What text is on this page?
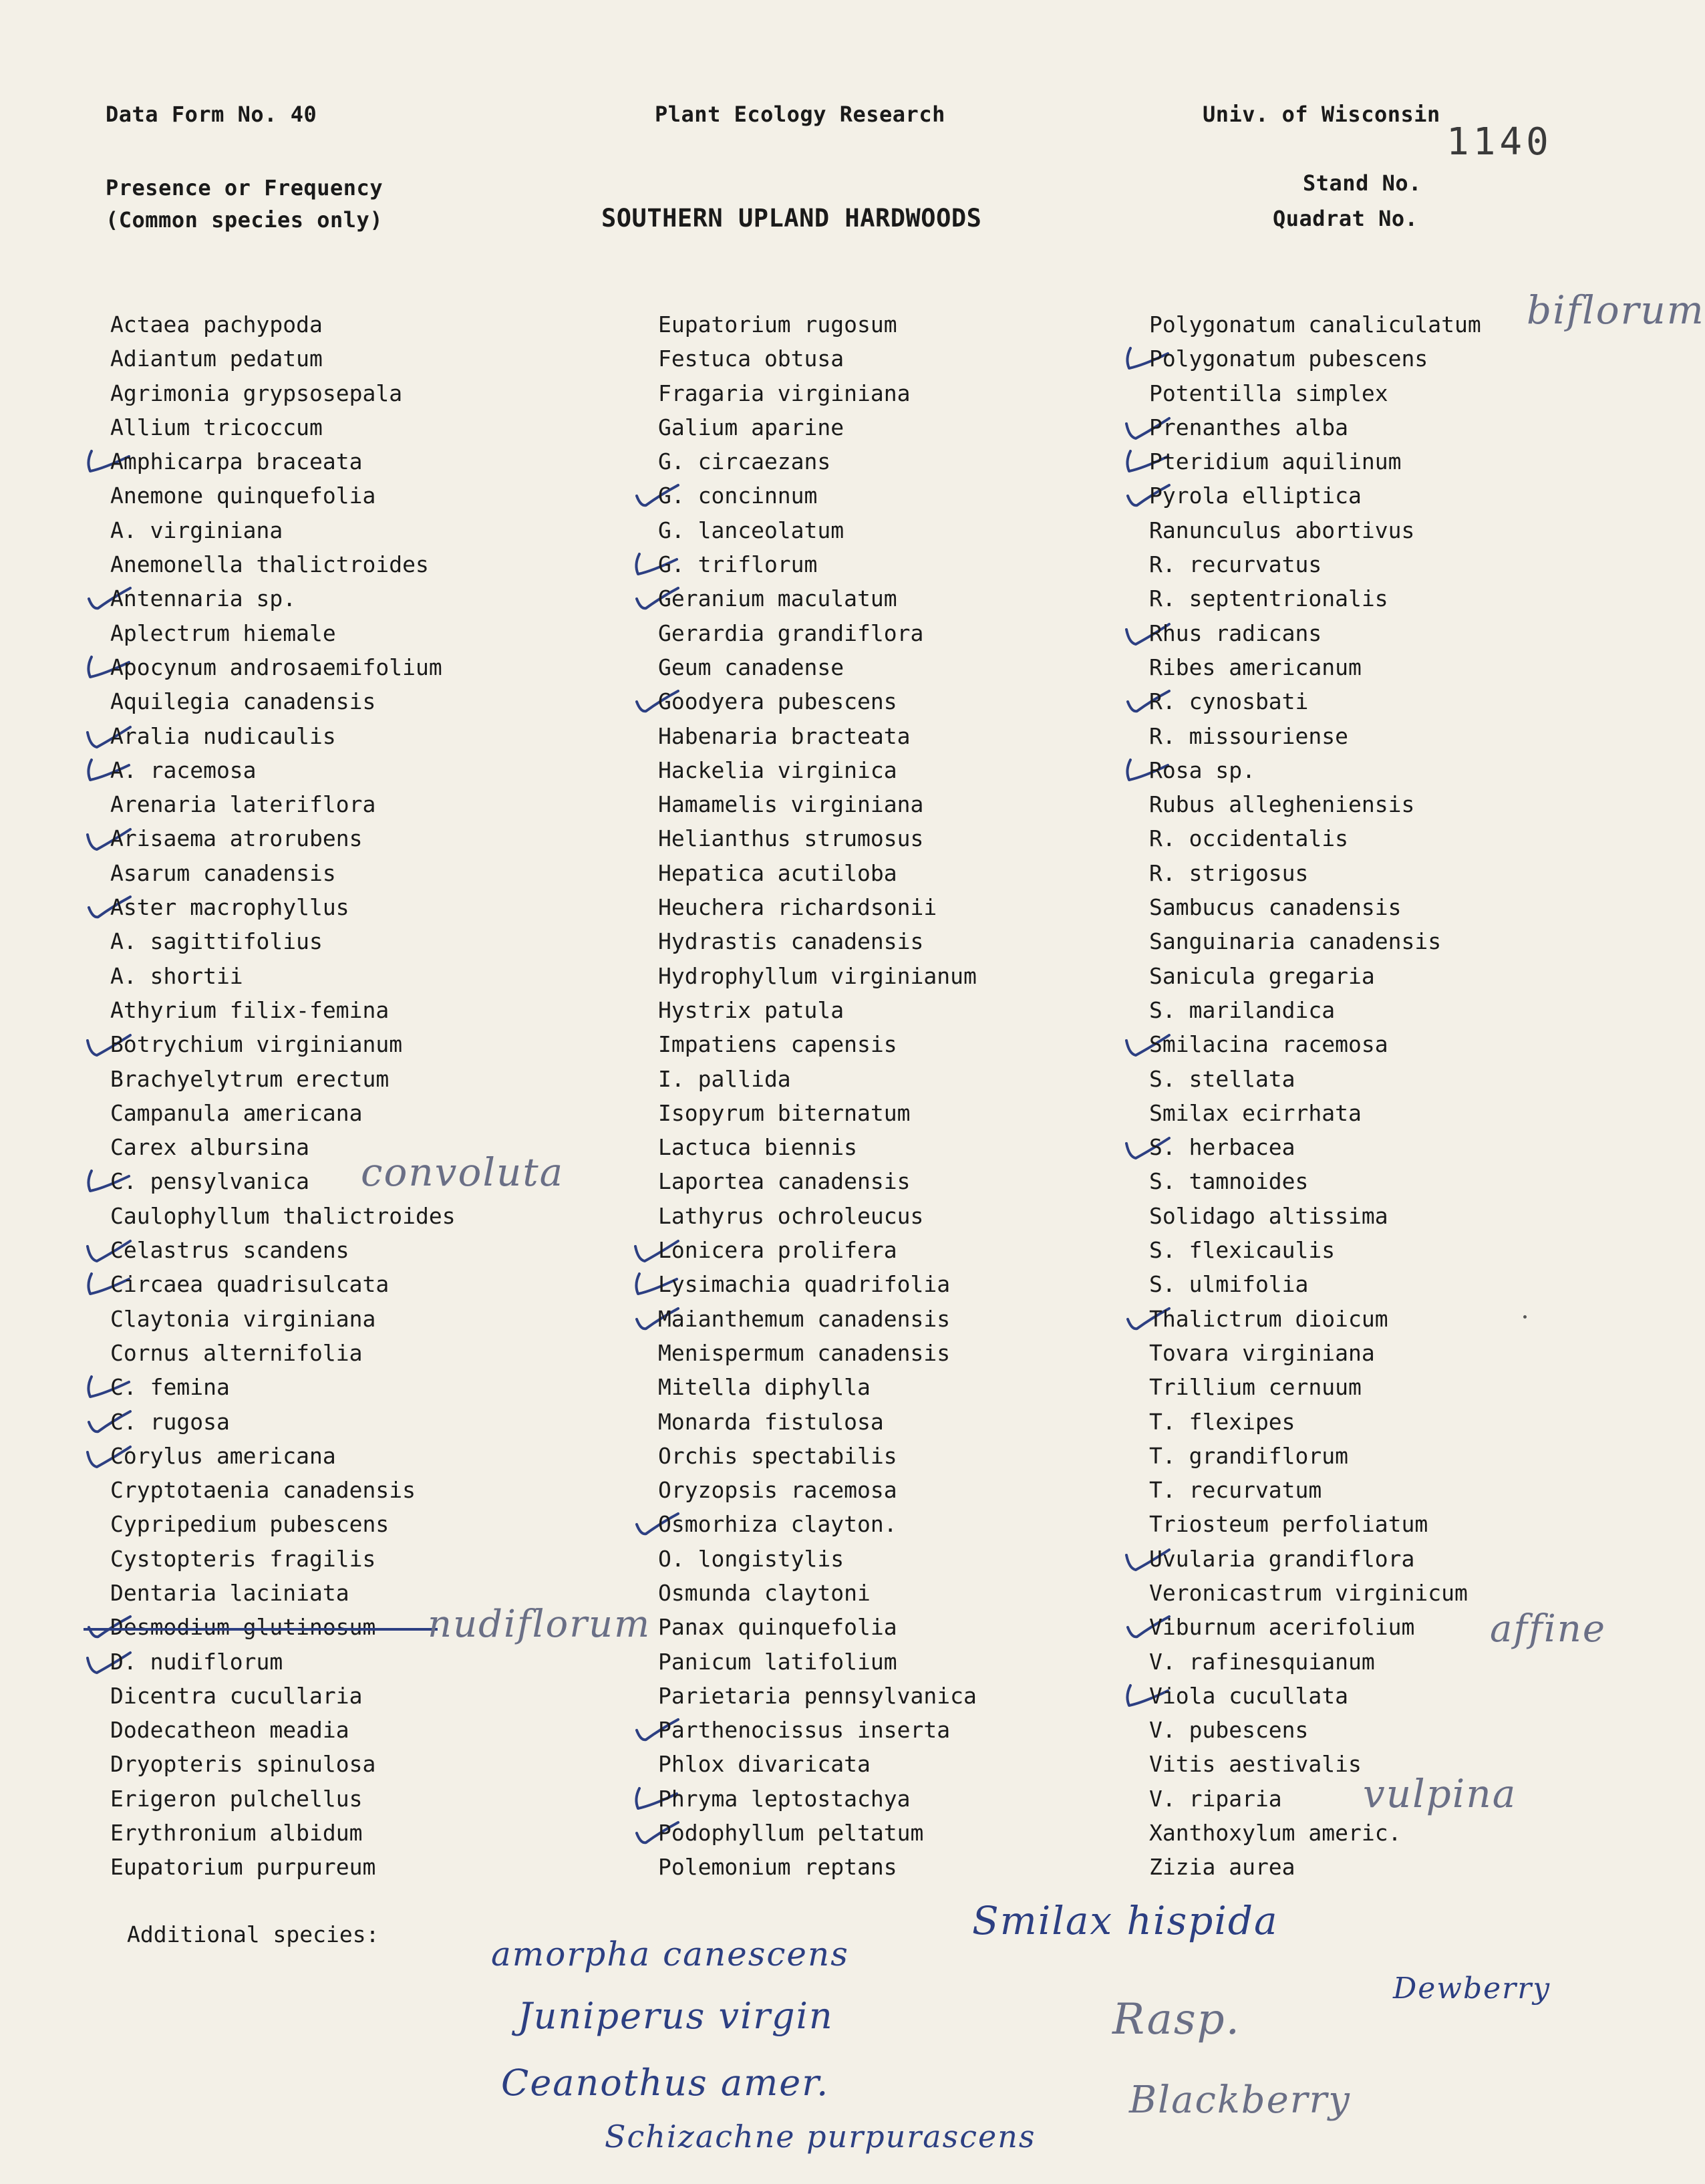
Data Form No. 40	Plant Ecology Research	Univ. of Wisconsin
1140
Presence or Frequency
(Common species only)	SOUTHERN UPLAND HARDWOODS
Stand No.
Quadrat No.
Actaea pachypoda
Adiantum pedatum
Agrimonia grypsosepala
Allium tricoccum
Amphicarpa braceata
Anemone quinquefolia
A. virginiana
Anemonella thalictroides
Antennaria sp.
Aplectrum hiemale
Apocynum androsaemifolium
Aquilegia canadensis
Aralia nudicaulis
A. racemosa
Arenaria lateriflora
Arisaema atrorubens
Asarum canadensis
Aster macrophyllus
A. sagittifolius
A. shortii
Athyrium filix-femina
Botrychium virginianum
Brachyelytrum erectum
Campanula americana
Carex albursina
C. pensylvanica
Caulophyllum thalictroides
Celastrus scandens
Circaea quadrisulcata
Claytonia virginiana
Cornus alternifolia
C. femina
C. rugosa
Corylus americana
Cryptotaenia canadensis
Cypripedium pubescens
Cystopteris fragilis
Dentaria laciniata
Desmodium glutinosum
D. nudiflorum
Dicentra cucullaria
Dodecatheon meadia
Dryopteris spinulosa
Erigeron pulchellus
Erythronium albidum
Eupatorium purpureum
Eupatorium rugosum
Festuca obtusa
Fragaria virginiana
Galium aparine
G. circaezans
G. concinnum
G. lanceolatum
G. triflorum
Geranium maculatum
Gerardia grandiflora
Geum canadense
Goodyera pubescens
Habenaria bracteata
Hackelia virginica
Hamamelis virginiana
Helianthus strumosus
Hepatica acutiloba
Heuchera richardsonii
Hydrastis canadensis
Hydrophyllum virginianum
Hystrix patula
Impatiens capensis
I. pallida
Isopyrum biternatum
Lactuca biennis
Laportea canadensis
Lathyrus ochroleucus
Lonicera prolifera
Lysimachia quadrifolia
Maianthemum canadensis
Menispermum canadensis
Mitella diphylla
Monarda fistulosa
Orchis spectabilis
Oryzopsis racemosa
Osmorhiza clayton.
O. longistylis
Osmunda claytoni
Panax quinquefolia
Panicum latifolium
Parietaria pennsylvanica
Parthenocissus inserta
Phlox divaricata
Phryma leptostachya
Podophyllum peltatum
Polemonium reptans
Polygonatum canaliculatum
Polygonatum pubescens
Potentilla simplex
Prenanthes alba
Pteridium aquilinum
Pyrola elliptica
Ranunculus abortivus
R. recurvatus
R. septentrionalis
Rhus radicans
Ribes americanum
R. cynosbati
R. missouriense
Rosa sp.
Rubus allegheniensis
R. occidentalis
R. strigosus
Sambucus canadensis
Sanguinaria canadensis
Sanicula gregaria
S. marilandica
Smilacina racemosa
S. stellata
Smilax ecirrhata
S. herbacea
S. tamnoides
Solidago altissima
S. flexicaulis
S. ulmifolia
Thalictrum dioicum
Tovara virginiana
Trillium cernuum
T. flexipes
T. grandiflorum
T. recurvatum
Triosteum perfoliatum
Uvularia grandiflora
Veronicastrum virginicum
Viburnum acerifolium
V. rafinesquianum
Viola cucullata
V. pubescens
Vitis aestivalis
V. riparia
Xanthoxylum americ.
Zizia aurea
biflorum
convoluta
nudiflorum	affine
vulpina
Additional species:
amorpha canescens
Juniperus virgin
Ceanothus amer.
Schizachne purpurascens
Smilax hispida
Rasp.
Dewberry
Blackberry
